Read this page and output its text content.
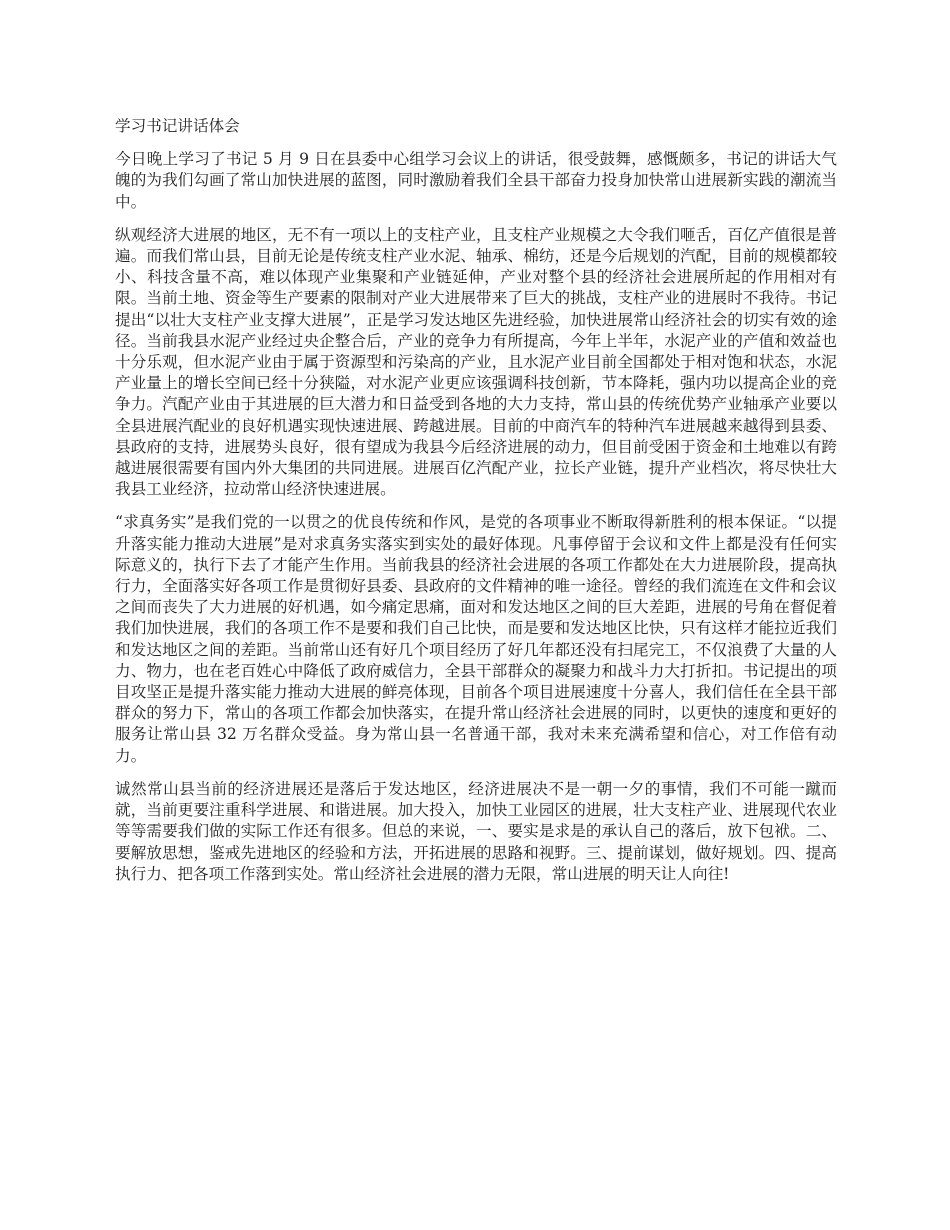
学习书记讲话体会

今日晚上学习了书记 5 月 9 日在县委中心组学习会议上的讲话，很受鼓舞，感慨颇多，书记的讲话大气魄的为我们勾画了常山加快进展的蓝图，同时激励着我们全县干部奋力投身加快常山进展新实践的潮流当中。

纵观经济大进展的地区，无不有一项以上的支柱产业，且支柱产业规模之大令我们咂舌，百亿产值很是普遍。而我们常山县，目前无论是传统支柱产业水泥、轴承、棉纺，还是今后规划的汽配，目前的规模都较小、科技含量不高，难以体现产业集聚和产业链延伸，产业对整个县的经济社会进展所起的作用相对有限。当前土地、资金等生产要素的限制对产业大进展带来了巨大的挑战，支柱产业的进展时不我待。书记提出“以壮大支柱产业支撑大进展”，正是学习发达地区先进经验，加快进展常山经济社会的切实有效的途径。当前我县水泥产业经过央企整合后，产业的竞争力有所提高，今年上半年，水泥产业的产值和效益也十分乐观，但水泥产业由于属于资源型和污染高的产业，且水泥产业目前全国都处于相对饱和状态，水泥产业量上的增长空间已经十分狭隘，对水泥产业更应该强调科技创新，节本降耗，强内功以提高企业的竞争力。汽配产业由于其进展的巨大潜力和日益受到各地的大力支持，常山县的传统优势产业轴承产业要以全县进展汽配业的良好机遇实现快速进展、跨越进展。目前的中商汽车的特种汽车进展越来越得到县委、县政府的支持，进展势头良好，很有望成为我县今后经济进展的动力，但目前受困于资金和土地难以有跨越进展很需要有国内外大集团的共同进展。进展百亿汽配产业，拉长产业链，提升产业档次，将尽快壮大我县工业经济，拉动常山经济快速进展。

“求真务实”是我们党的一以贯之的优良传统和作风，是党的各项事业不断取得新胜利的根本保证。“以提升落实能力推动大进展”是对求真务实落实到实处的最好体现。凡事停留于会议和文件上都是没有任何实际意义的，执行下去了才能产生作用。当前我县的经济社会进展的各项工作都处在大力进展阶段，提高执行力，全面落实好各项工作是贯彻好县委、县政府的文件精神的唯一途径。曾经的我们流连在文件和会议之间而丧失了大力进展的好机遇，如今痛定思痛，面对和发达地区之间的巨大差距，进展的号角在督促着我们加快进展，我们的各项工作不是要和我们自己比快，而是要和发达地区比快，只有这样才能拉近我们和发达地区之间的差距。当前常山还有好几个项目经历了好几年都还没有扫尾完工，不仅浪费了大量的人力、物力，也在老百姓心中降低了政府威信力，全县干部群众的凝聚力和战斗力大打折扣。书记提出的项目攻坚正是提升落实能力推动大进展的鲜亮体现，目前各个项目进展速度十分喜人，我们信任在全县干部群众的努力下，常山的各项工作都会加快落实，在提升常山经济社会进展的同时，以更快的速度和更好的服务让常山县 32 万名群众受益。身为常山县一名普通干部，我对未来充满希望和信心，对工作倍有动力。

诚然常山县当前的经济进展还是落后于发达地区，经济进展决不是一朝一夕的事情，我们不可能一蹴而就，当前更要注重科学进展、和谐进展。加大投入，加快工业园区的进展，壮大支柱产业、进展现代农业等等需要我们做的实际工作还有很多。但总的来说，一、要实是求是的承认自己的落后，放下包袱。二、要解放思想，鉴戒先进地区的经验和方法，开拓进展的思路和视野。三、提前谋划，做好规划。四、提高执行力、把各项工作落到实处。常山经济社会进展的潜力无限，常山进展的明天让人向往!
